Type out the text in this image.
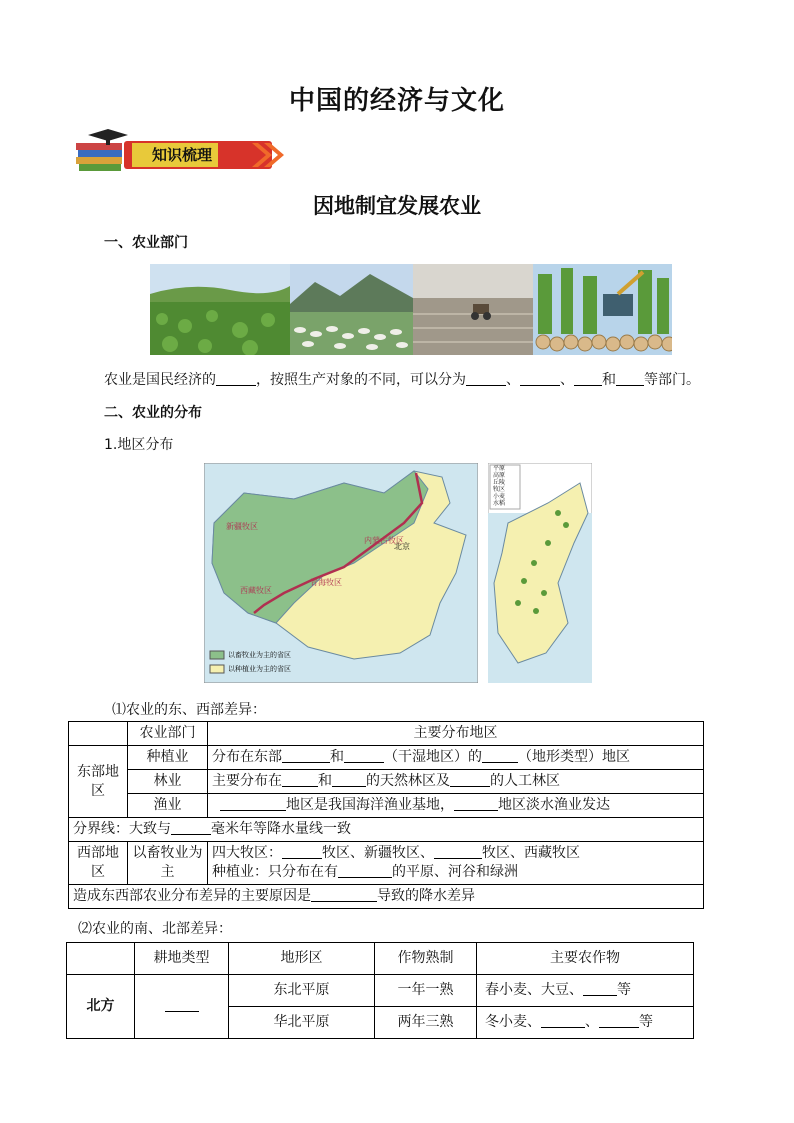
中国的经济与文化
知识梳理
因地制宜发展农业
一、农业部门
农业是国民经济的	，按照生产对象的不同，可以分为	、	、 和 等部门。
二、农业的分布
1.地区分布
新疆牧区
青海牧区
西藏牧区
内蒙古牧区
北京
以畜牧业为主的省区
以种植业为主的省区
平原
高原
丘陵
牧区
小麦
水稻
⑴农业的东、西部差异：
	农业部门	主要分布地区
东部地区	种植业	分布在东部 和 （干湿地区）的 （地形类型）地区
	林业	主要分布在 和 的天然林区及 的人工林区
	渔业	地区是我国海洋渔业基地， 地区淡水渔业发达
分界线：大致与 毫米年等降水量线一致		
西部地区	以畜牧业为主	四大牧区： 牧区、新疆牧区、 牧区、西藏牧区
种植业：只分布在有 的平原、河谷和绿洲
造成东西部农业分布差异的主要原因是 导致的降水差异		
⑵农业的南、北部差异：
	耕地类型	地形区	作物熟制	主要农作物
北方		东北平原	一年一熟	春小麦、大豆、 等
		华北平原	两年三熟	冬小麦、 、 等
